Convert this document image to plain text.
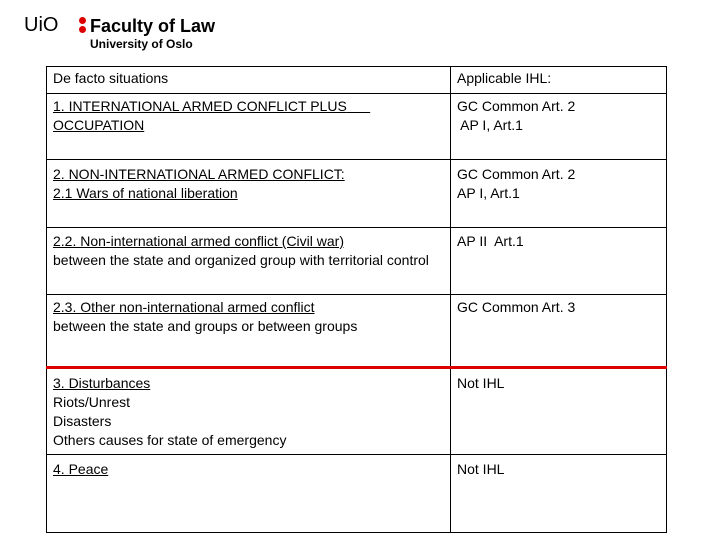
UiO Faculty of Law
University of Oslo
De facto situations	Applicable IHL:
1. INTERNATIONAL ARMED CONFLICT PLUS      OCCUPATION	GC Common Art. 2
AP I, Art.1

2. NON-INTERNATIONAL ARMED CONFLICT:
2.1 Wars of national liberation	GC Common Art. 2
AP I, Art.1

2.2. Non-international armed conflict (Civil war)
between the state and organized group with territorial control	AP II  Art.1

2.3. Other non-international armed conflict
between the state and groups or between groups	GC Common Art. 3

3. Disturbances
Riots/Unrest
Disasters
Others causes for state of emergency	Not IHL

4. Peace	Not IHL
